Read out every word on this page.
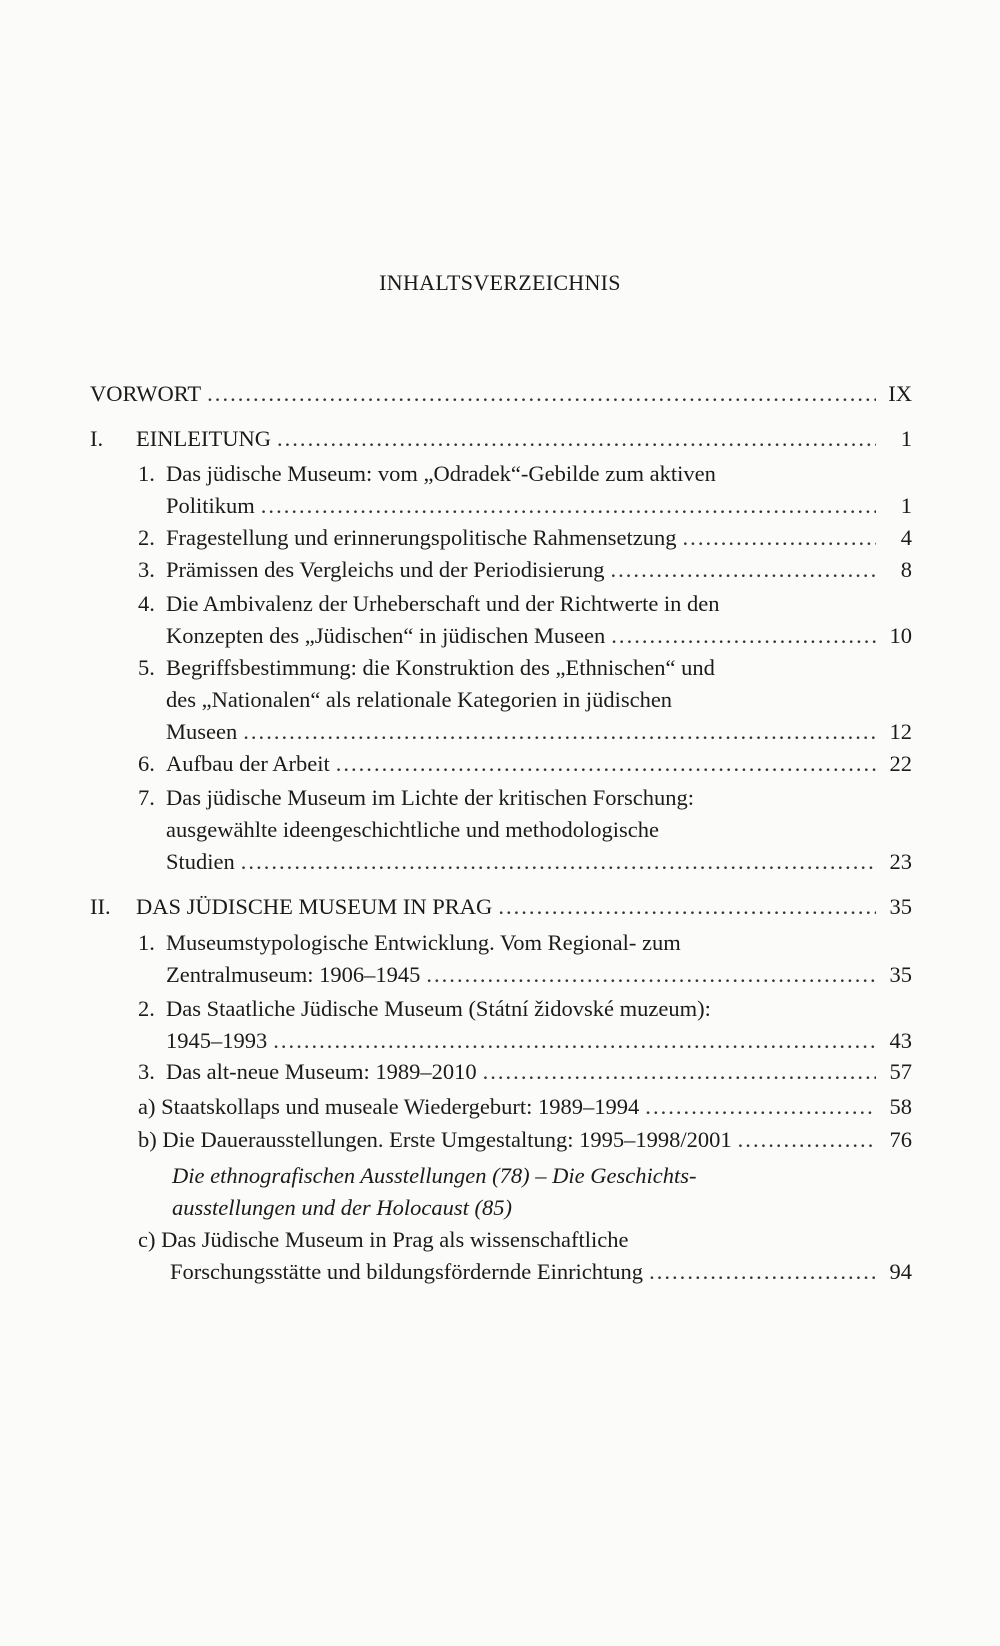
INHALTSVERZEICHNIS
VORWORT . . .	IX
I. EINLEITUNG . . .	1
1. Das jüdische Museum: vom „Odradek“-Gebilde zum aktiven
Politikum . . .	1
2. Fragestellung und erinnerungspolitische Rahmensetzung . . .	4
3. Prämissen des Vergleichs und der Periodisierung . . .	8
4. Die Ambivalenz der Urheberschaft und der Richtwerte in den
Konzepten des „Jüdischen“ in jüdischen Museen . . .	10
5. Begriffsbestimmung: die Konstruktion des „Ethnischen“ und
des „Nationalen“ als relationale Kategorien in jüdischen
Museen . . .	12
6. Aufbau der Arbeit . . .	22
7. Das jüdische Museum im Lichte der kritischen Forschung:
ausgewählte ideengeschichtliche und methodologische
Studien . . .	23
II. DAS JÜDISCHE MUSEUM IN PRAG . . .	35
1. Museumstypologische Entwicklung. Vom Regional- zum
Zentralmuseum: 1906–1945 . . .	35
2. Das Staatliche Jüdische Museum (Státní židovské muzeum):
1945–1993 . . .	43
3. Das alt-neue Museum: 1989–2010 . . .	57
a) Staatskollaps und museale Wiedergeburt: 1989–1994 . . .	58
b) Die Dauerausstellungen. Erste Umgestaltung: 1995–1998/2001 . . .	76
Die ethnografischen Ausstellungen (78) – Die Geschichts-
ausstellungen und der Holocaust (85)
c) Das Jüdische Museum in Prag als wissenschaftliche
Forschungsstätte und bildungsfördernde Einrichtung . . .	94
